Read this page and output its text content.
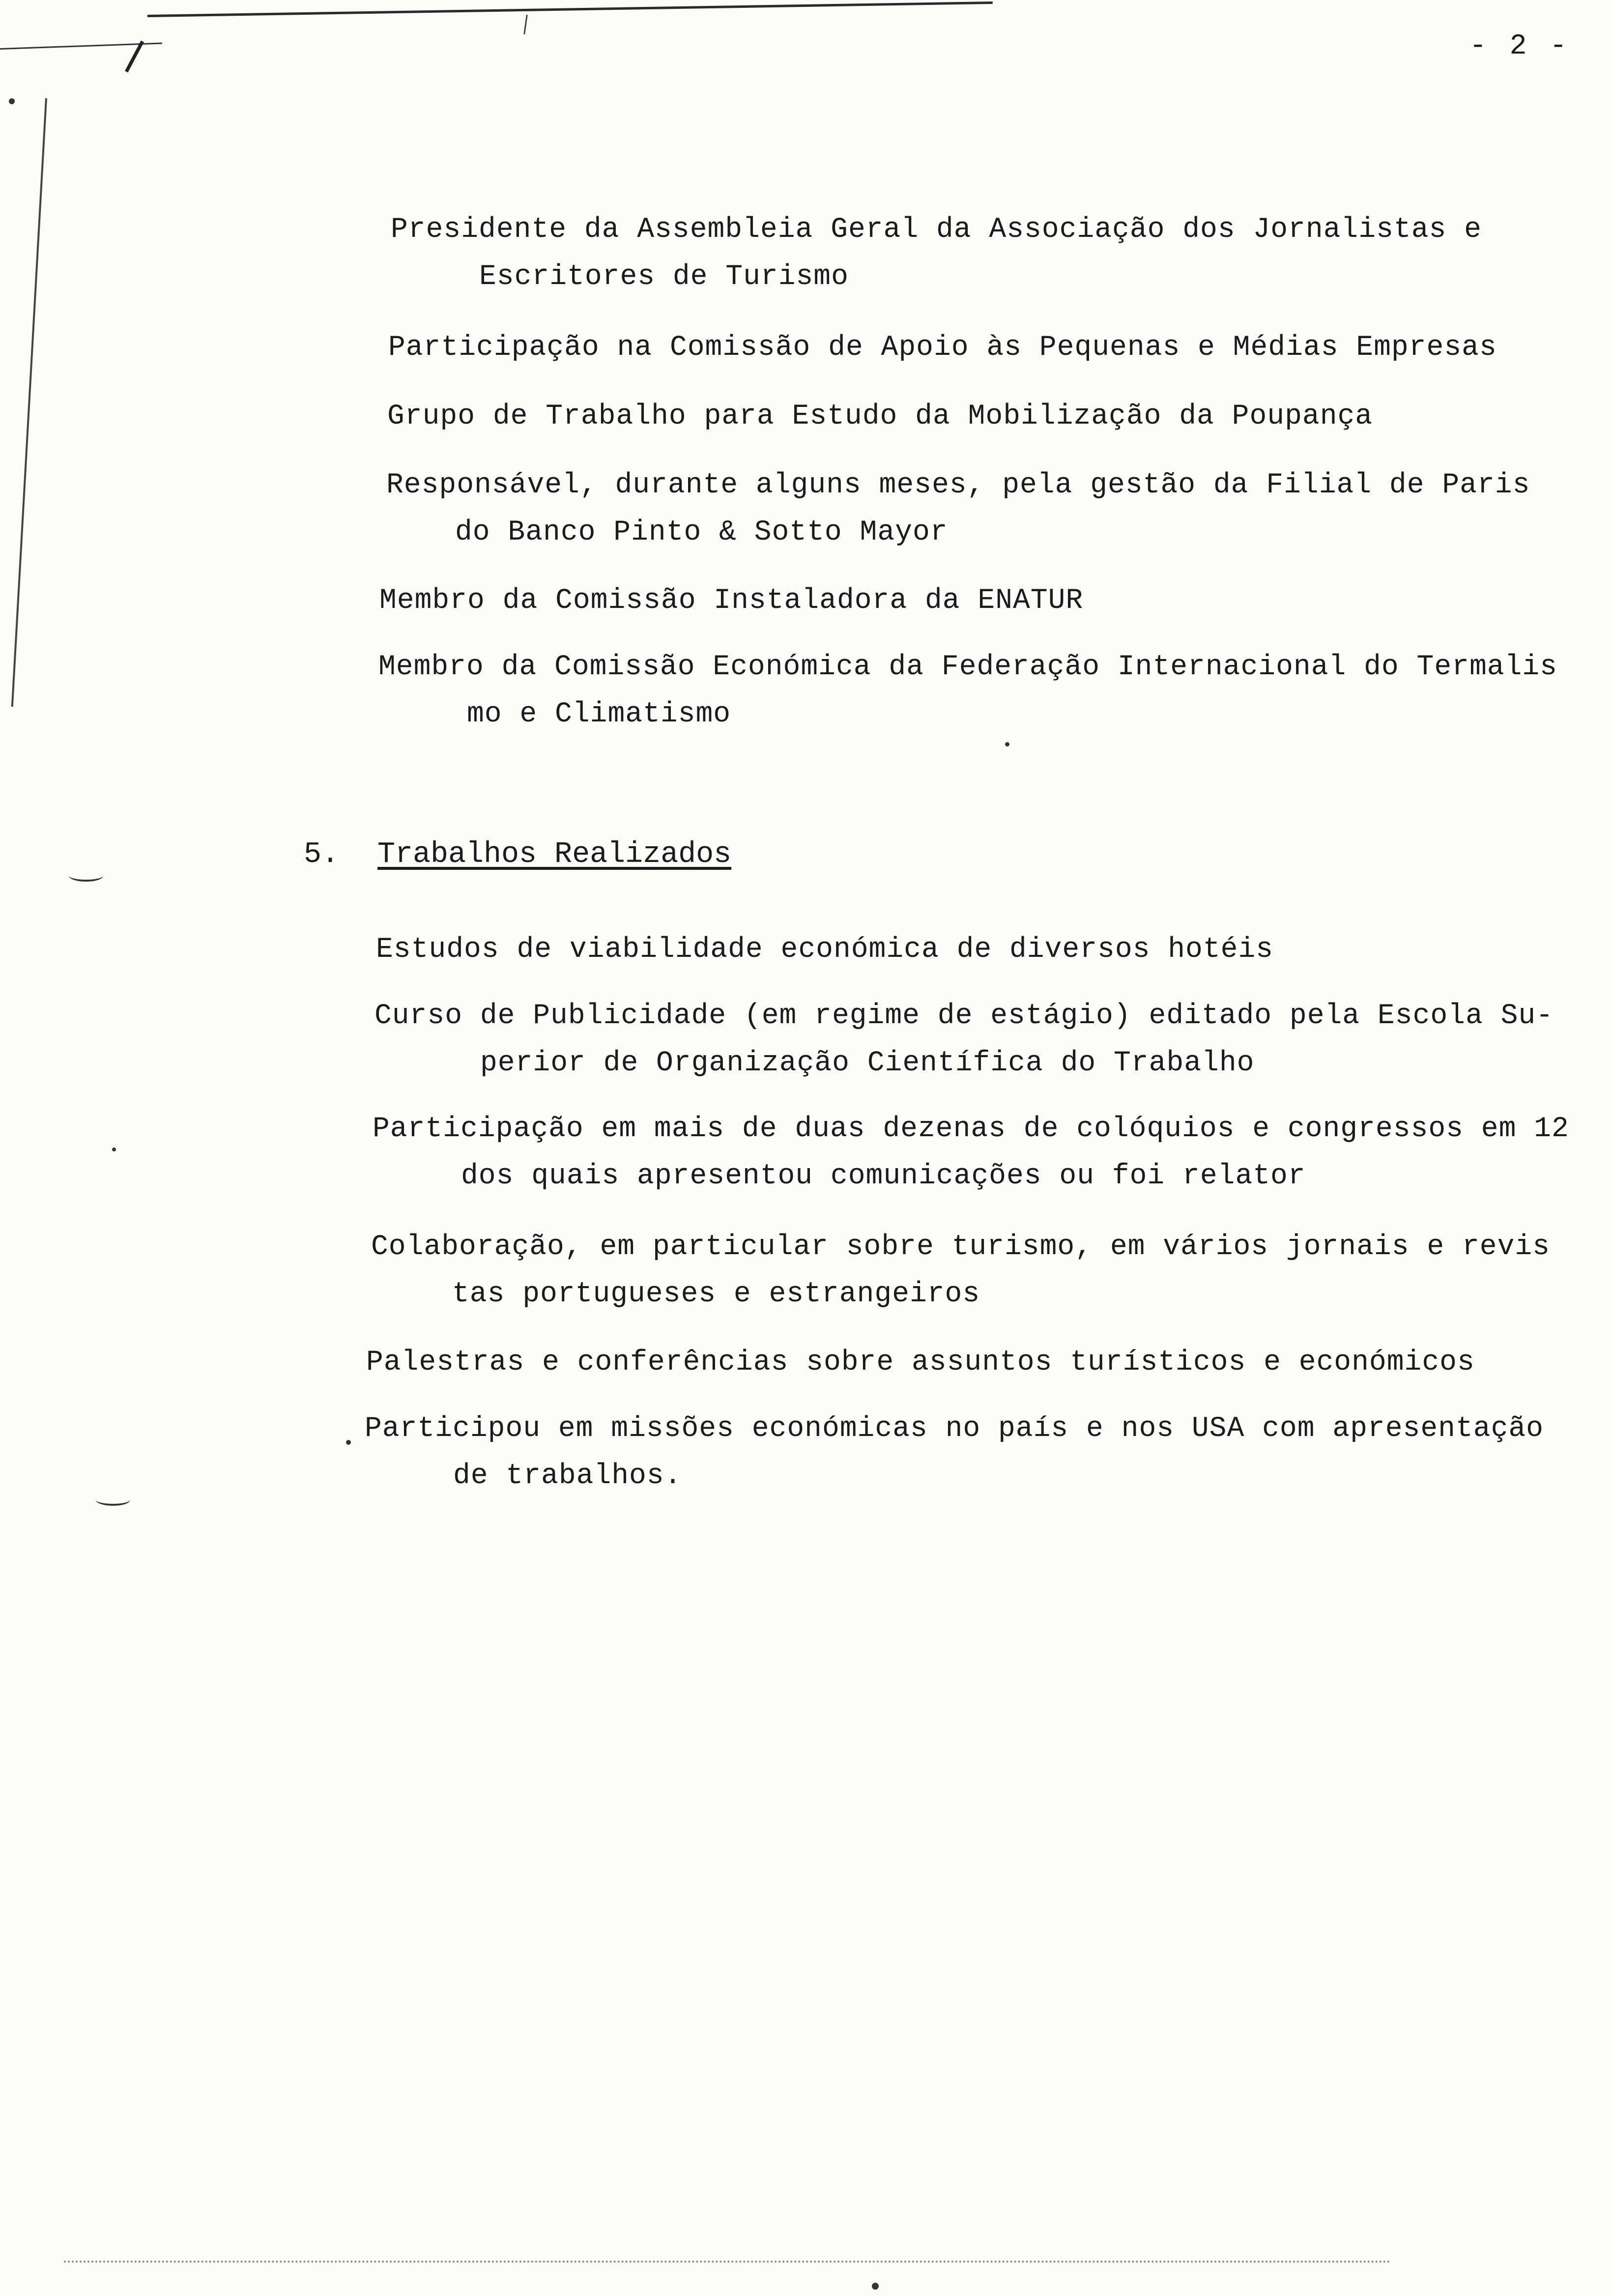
- 2 -
Presidente da Assembleia Geral da Associação dos Jornalistas e
Escritores de Turismo
Participação na Comissão de Apoio às Pequenas e Médias Empresas
Grupo de Trabalho para Estudo da Mobilização da Poupança
Responsável, durante alguns meses, pela gestão da Filial de Paris
do Banco Pinto & Sotto Mayor
Membro da Comissão Instaladora da ENATUR
Membro da Comissão Económica da Federação Internacional do Termalis
mo e Climatismo
5. Trabalhos Realizados
Estudos de viabilidade económica de diversos hotéis
Curso de Publicidade (em regime de estágio) editado pela Escola Su-
perior de Organização Científica do Trabalho
Participação em mais de duas dezenas de colóquios e congressos em 12
dos quais apresentou comunicações ou foi relator
Colaboração, em particular sobre turismo, em vários jornais e revis
tas portugueses e estrangeiros
Palestras e conferências sobre assuntos turísticos e económicos
Participou em missões económicas no país e nos USA com apresentação
de trabalhos.
